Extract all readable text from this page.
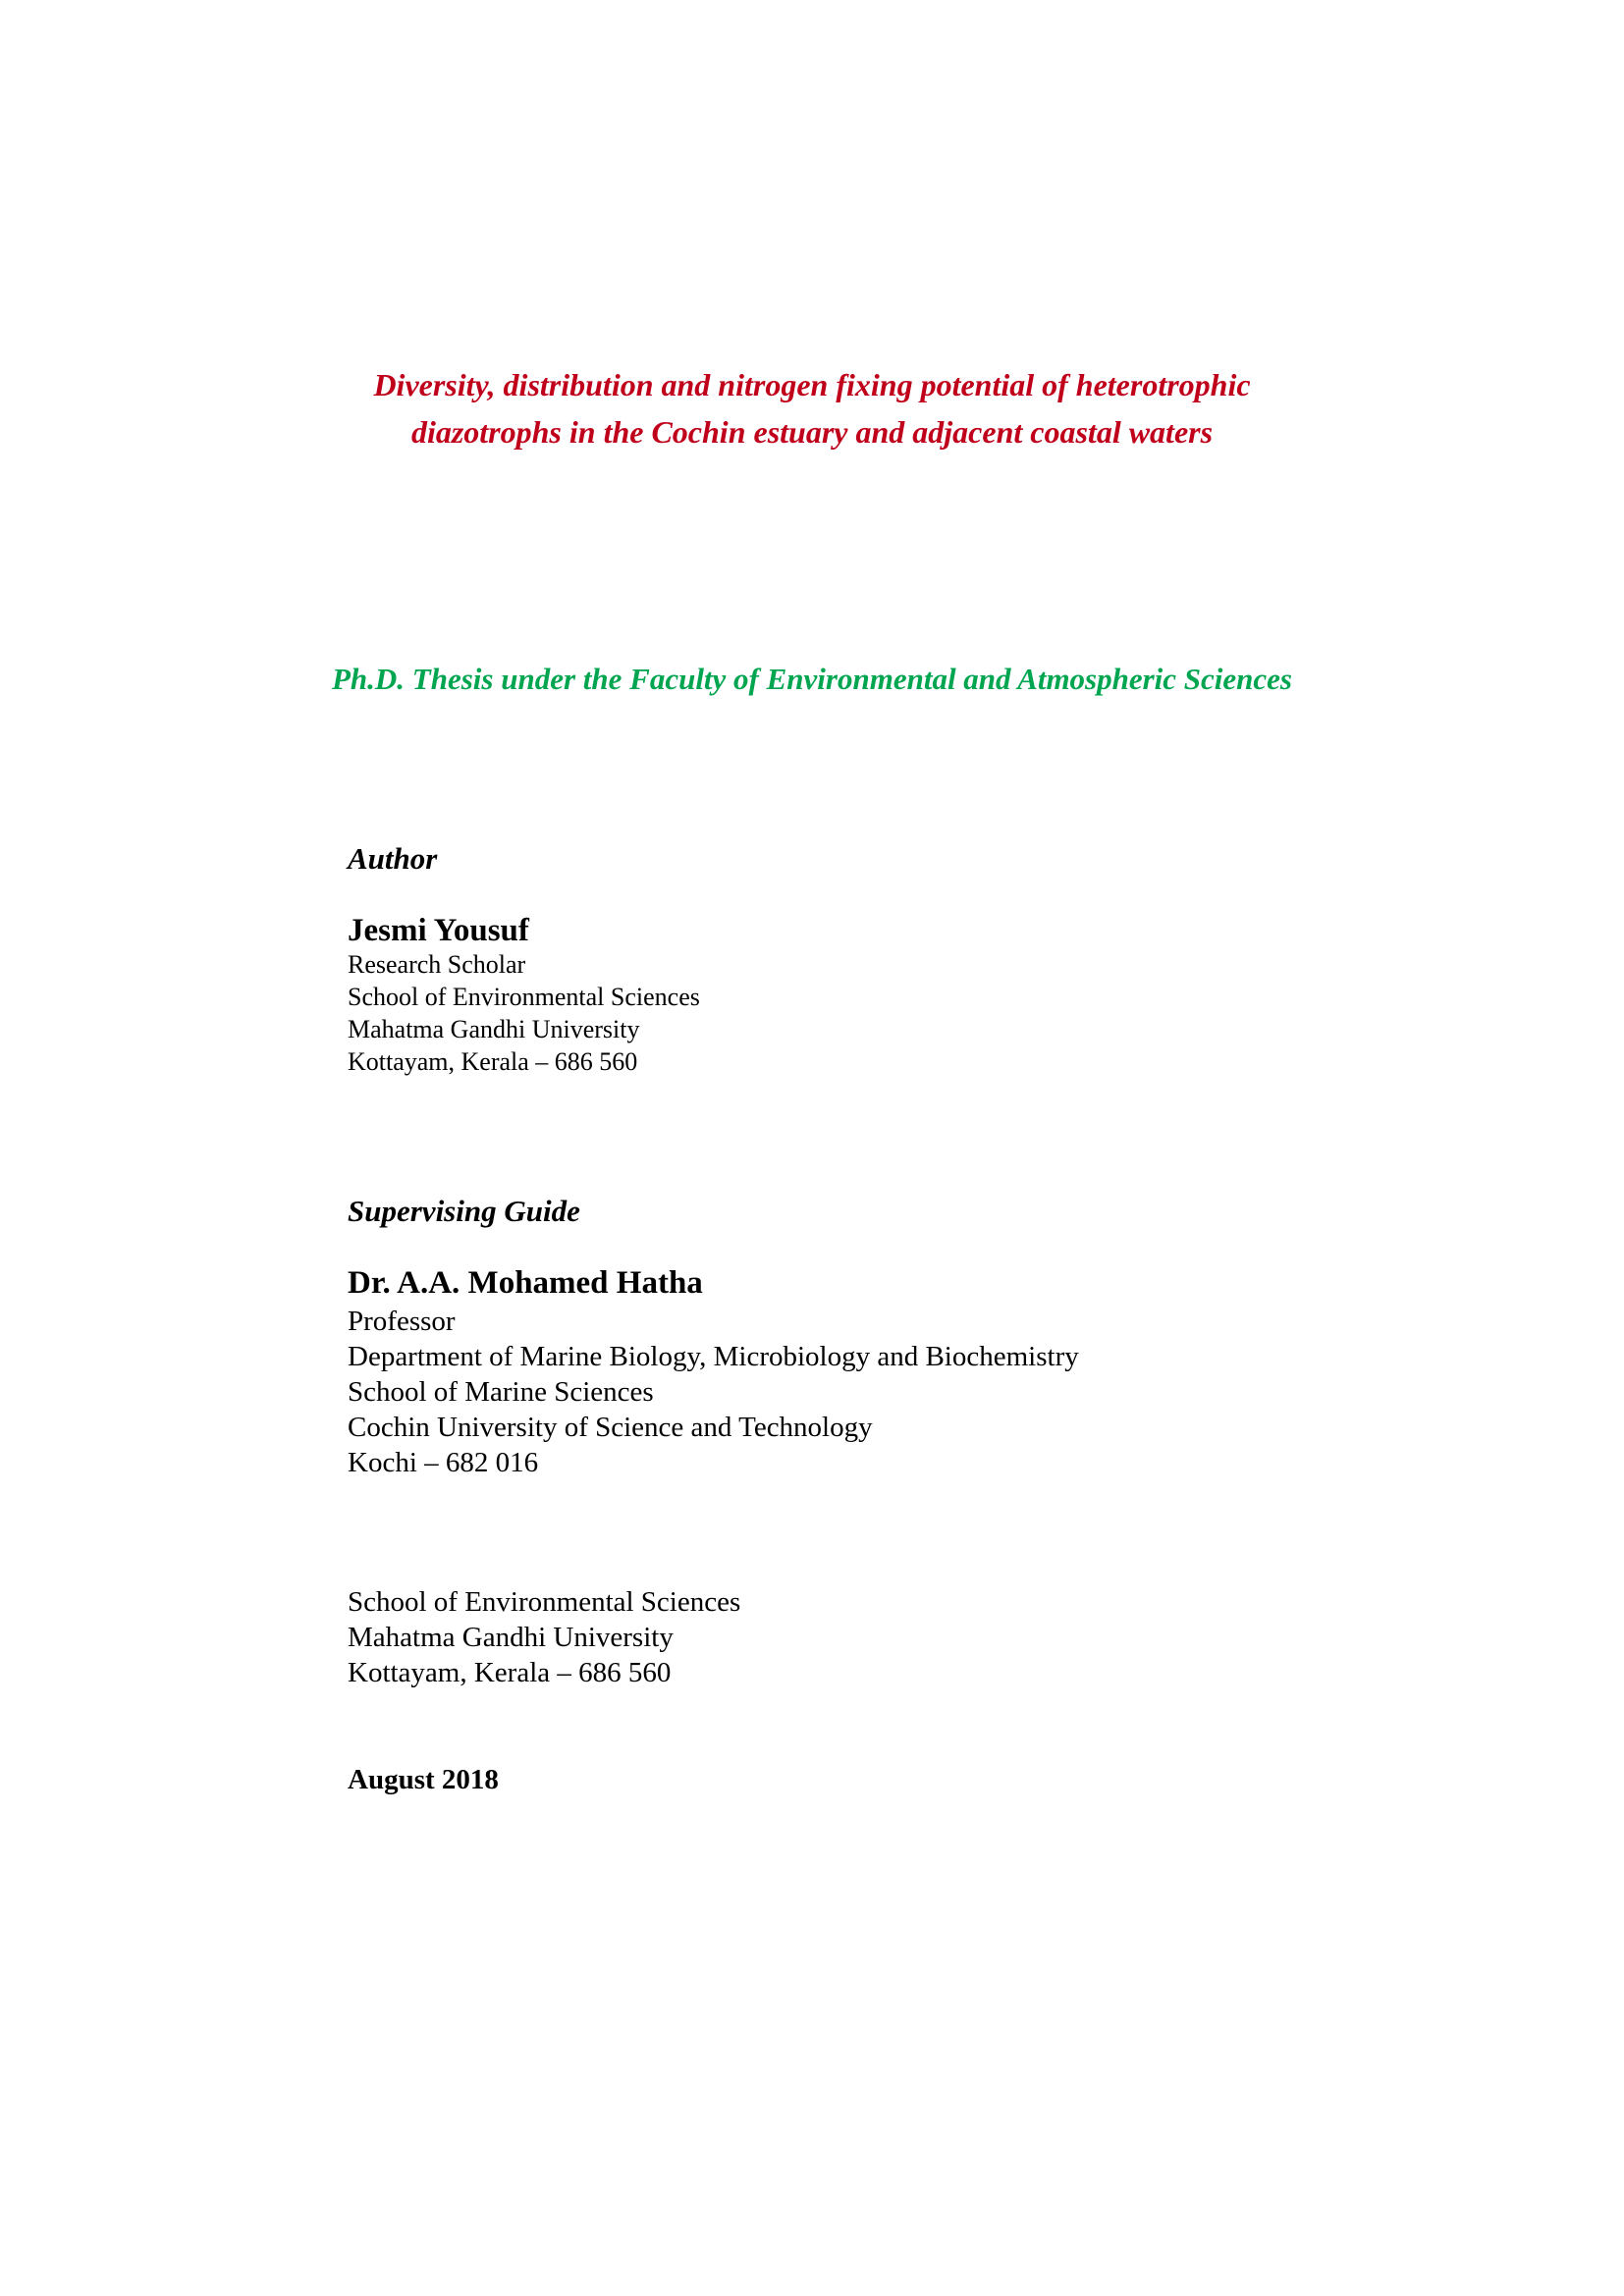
Diversity, distribution and nitrogen fixing potential of heterotrophic
diazotrophs in the Cochin estuary and adjacent coastal waters
Ph.D. Thesis under the Faculty of Environmental and Atmospheric Sciences
Author
Jesmi Yousuf
Research Scholar
School of Environmental Sciences
Mahatma Gandhi University
Kottayam, Kerala – 686 560
Supervising Guide
Dr. A.A. Mohamed Hatha
Professor
Department of Marine Biology, Microbiology and Biochemistry
School of Marine Sciences
Cochin University of Science and Technology
Kochi – 682 016
School of Environmental Sciences
Mahatma Gandhi University
Kottayam, Kerala – 686 560
August 2018
